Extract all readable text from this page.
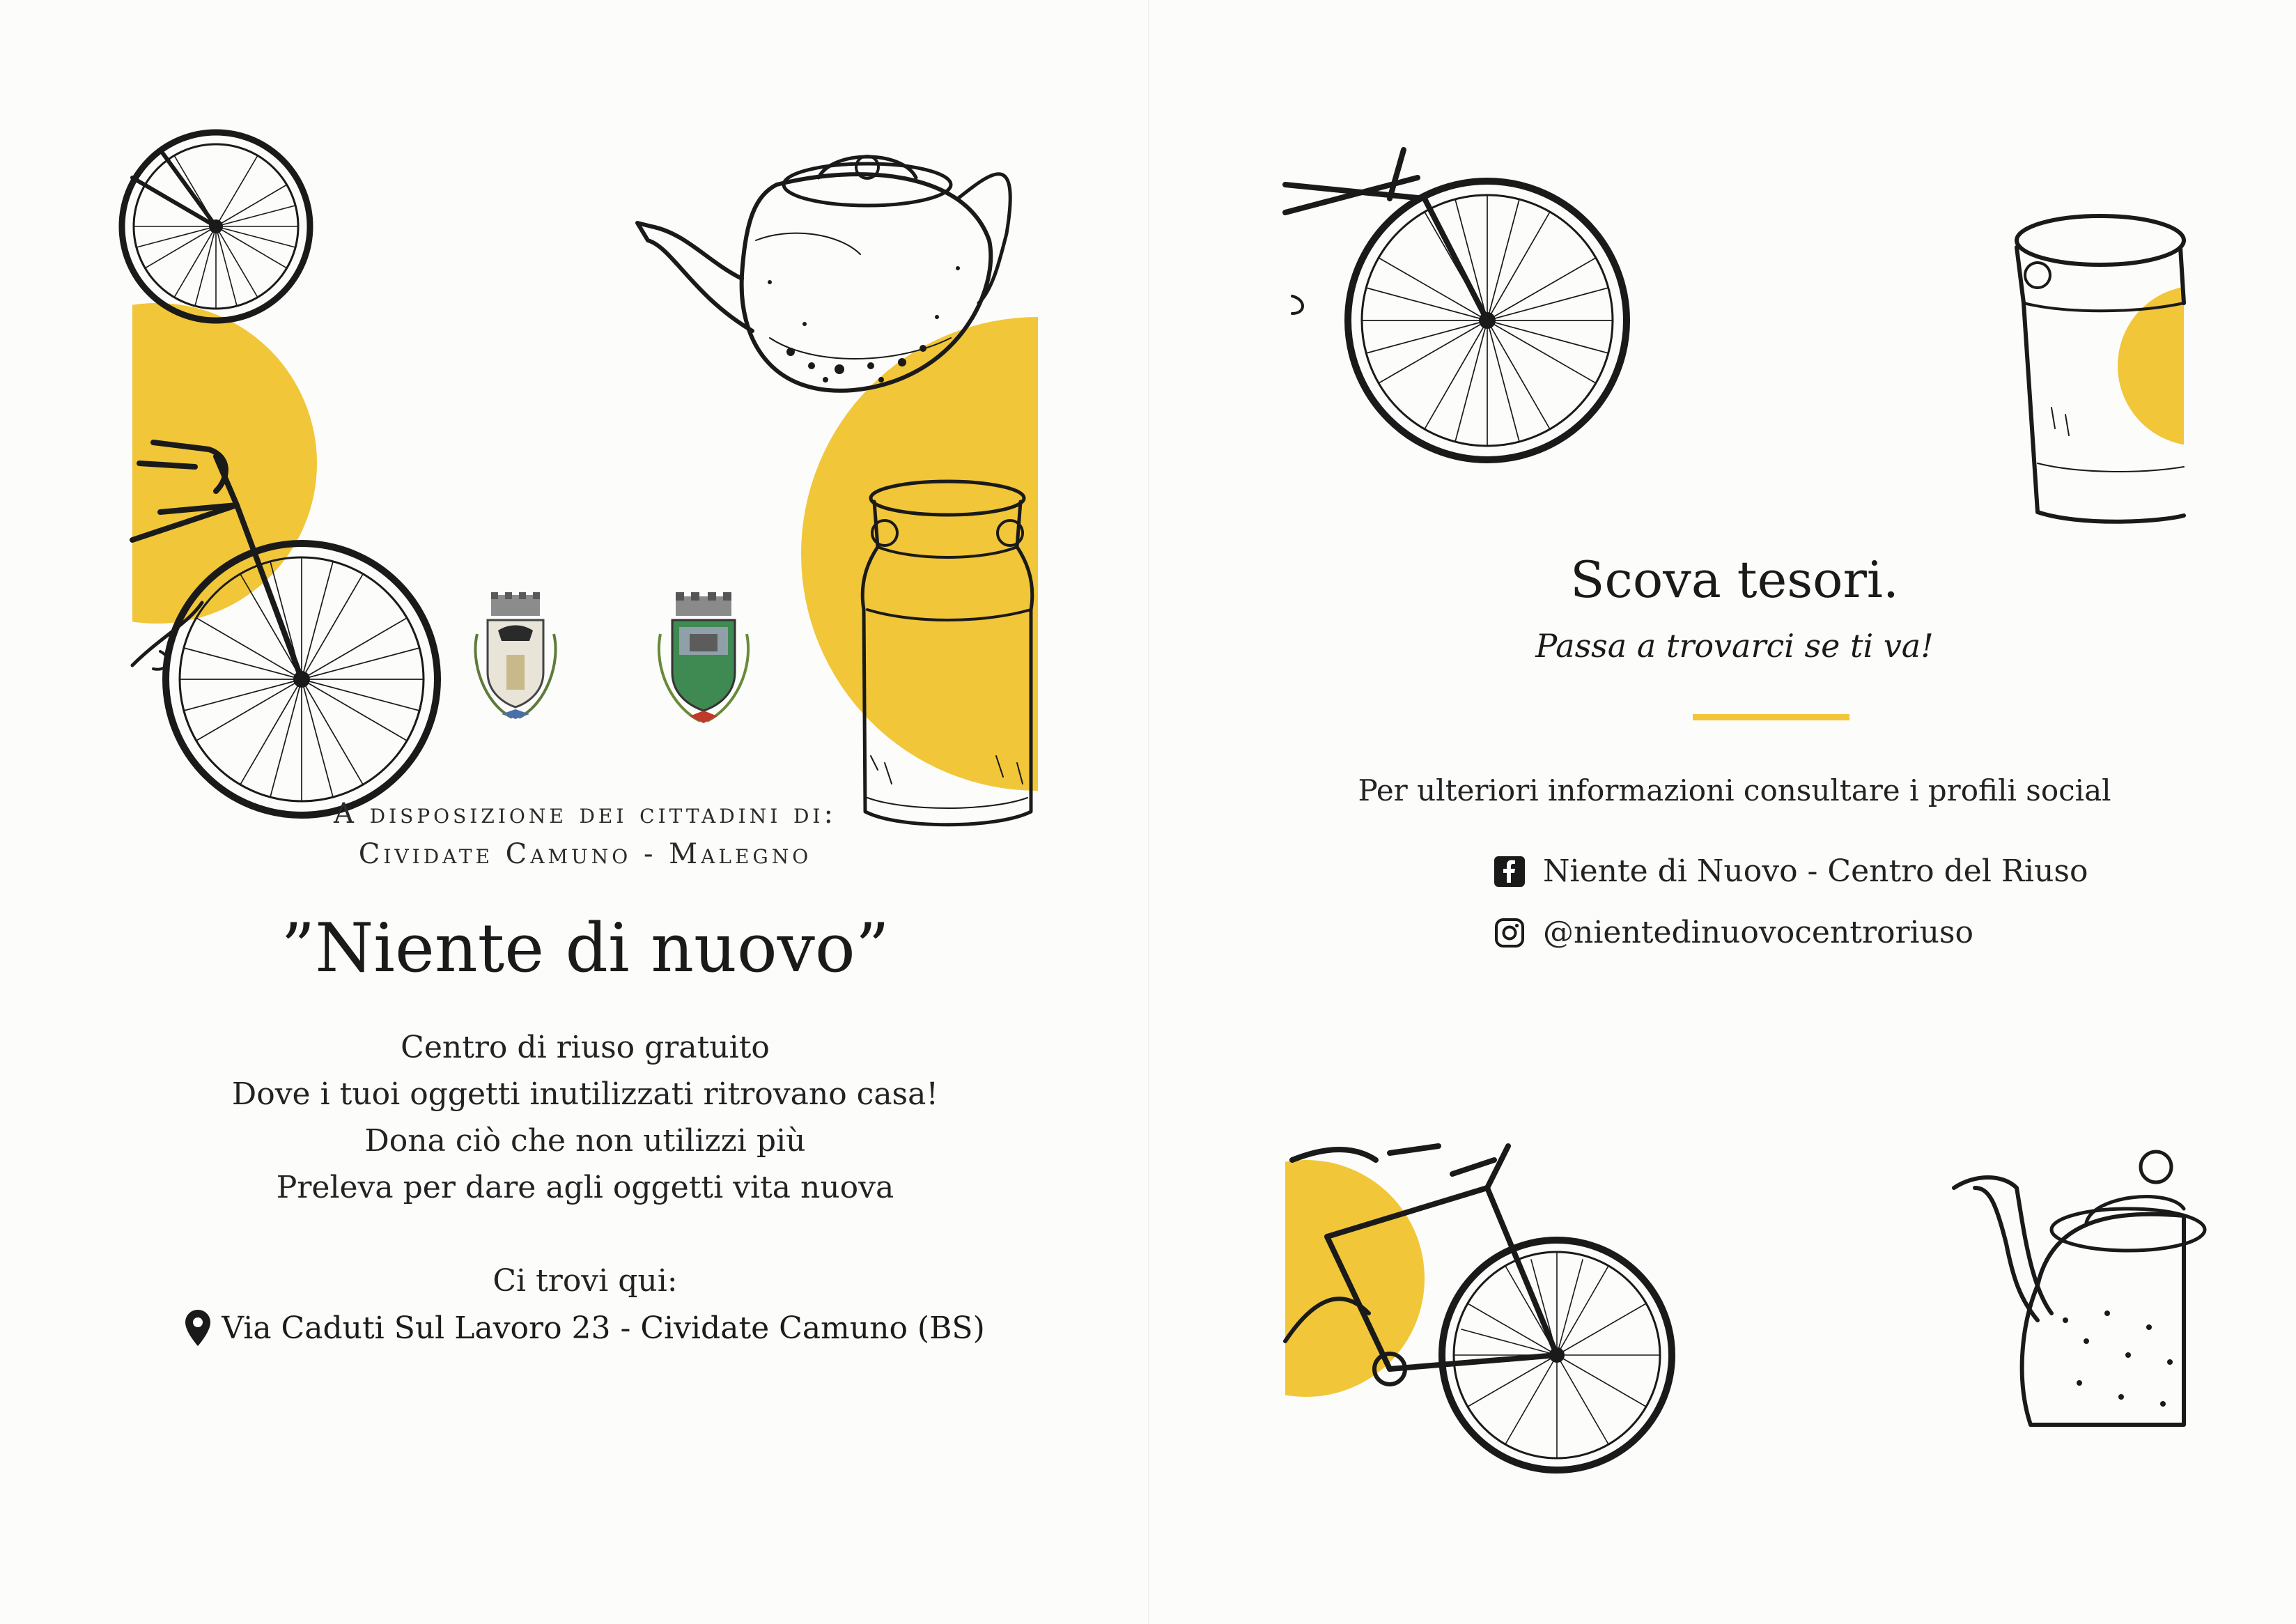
A disposizione dei cittadini di:
Cividate Camuno - Malegno
”Niente di nuovo”
Centro di riuso gratuito
Dove i tuoi oggetti inutilizzati ritrovano casa!
Dona ciò che non utilizzi più
Preleva per dare agli oggetti vita nuova
Ci trovi qui:
Via Caduti Sul Lavoro 23 - Cividate Camuno (BS)
Scova tesori.
Passa a trovarci se ti va!
Per ulteriori informazioni consultare i profili social
Niente di Nuovo - Centro del Riuso
@nientedinuovocentroriuso
